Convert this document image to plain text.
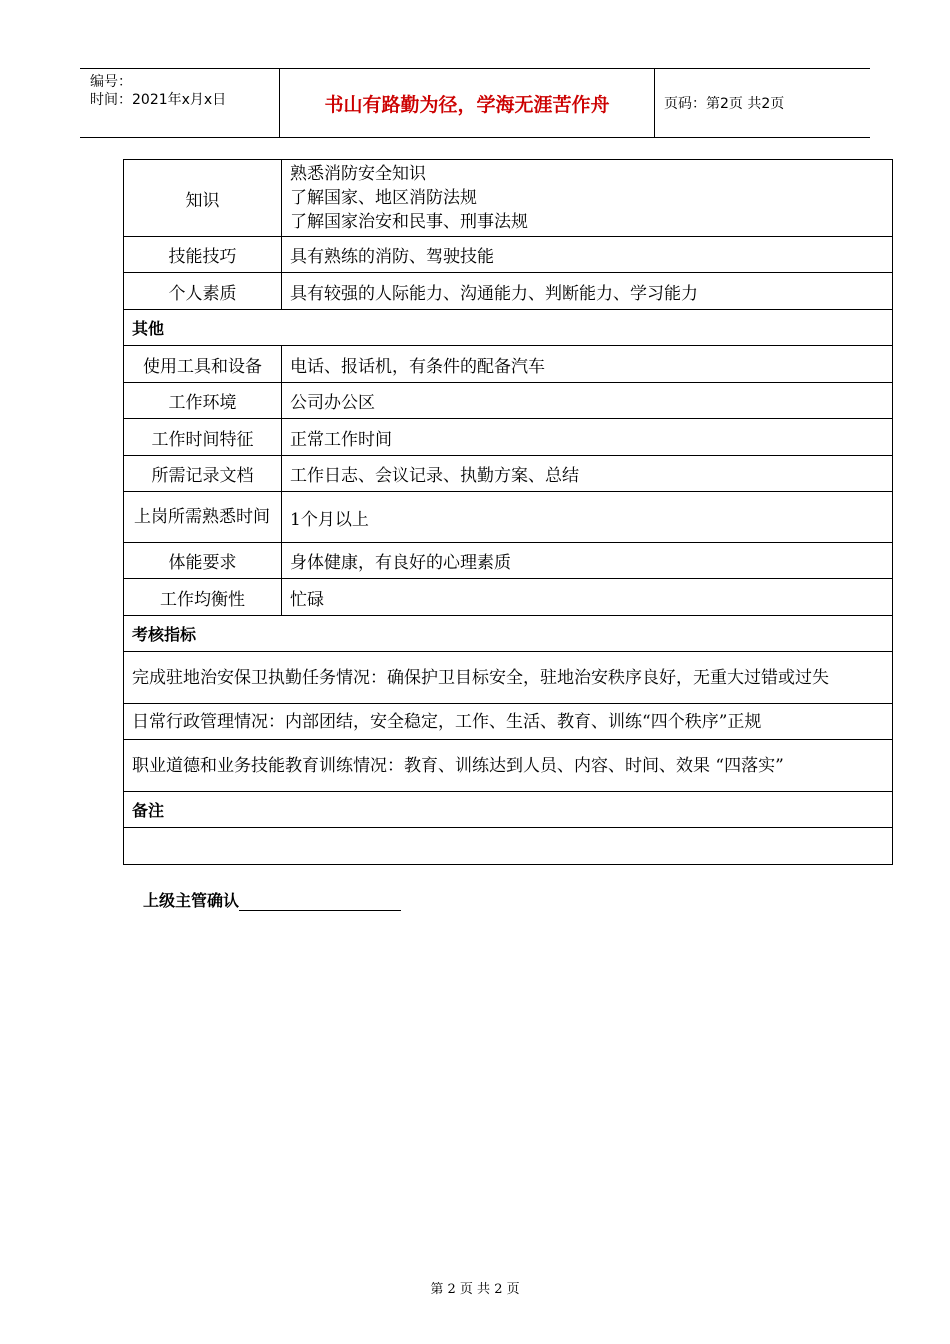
编号：
时间：2021年x月x日	书山有路勤为径，学海无涯苦作舟	页码：第2页 共2页
知识	熟悉消防安全知识
了解国家、地区消防法规
了解国家治安和民事、刑事法规

技能技巧	具有熟练的消防、驾驶技能
个人素质	具有较强的人际能力、沟通能力、判断能力、学习能力
其他	
使用工具和设备	电话、报话机，有条件的配备汽车
工作环境	公司办公区
工作时间特征	正常工作时间
所需记录文档	工作日志、会议记录、执勤方案、总结
上岗所需熟悉时间	1个月以上
体能要求	身体健康，有良好的心理素质
工作均衡性	忙碌
考核指标	
完成驻地治安保卫执勤任务情况：确保护卫目标安全，驻地治安秩序良好，无重大过错或过失	
日常行政管理情况：内部团结，安全稳定，工作、生活、教育、训练“四个秩序”正规	
职业道德和业务技能教育训练情况：教育、训练达到人员、内容、时间、效果 “四落实”	
备注	

上级主管确认
第 2 页 共 2 页
